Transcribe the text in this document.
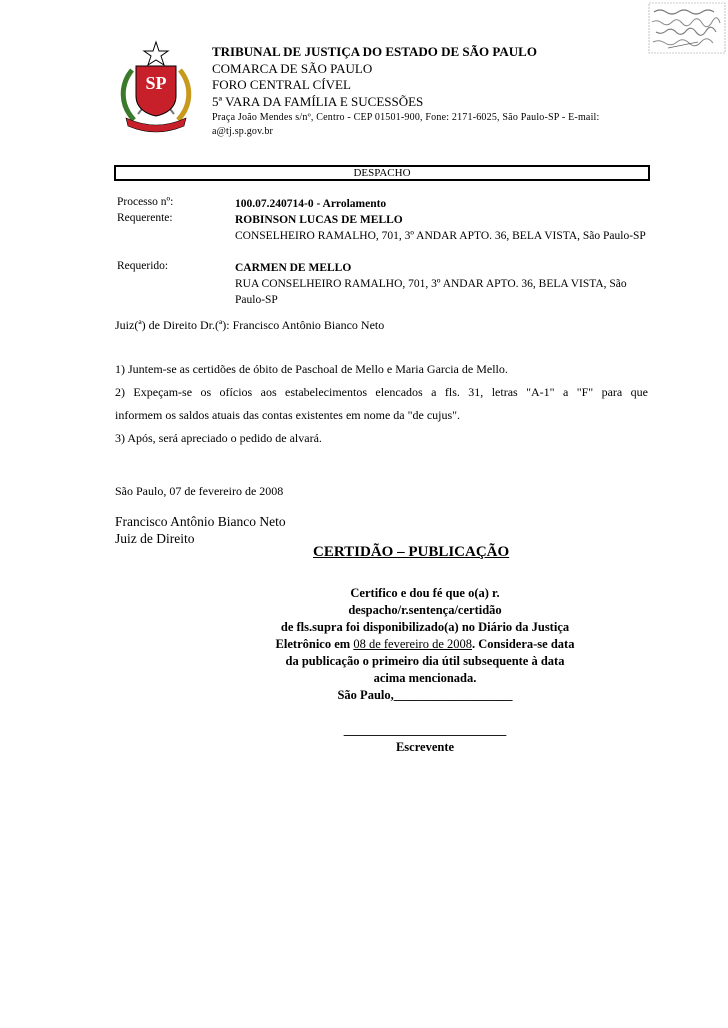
SP
TRIBUNAL DE JUSTIÇA DO ESTADO DE SÃO PAULO
COMARCA DE SÃO PAULO
FORO CENTRAL CÍVEL
5ª VARA DA FAMÍLIA E SUCESSÕES
Praça João Mendes s/nº, Centro - CEP 01501-900, Fone: 2171-6025, São Paulo-SP - E-mail:
a@tj.sp.gov.br
DESPACHO
Processo nº:	100.07.240714-0 - Arrolamento
Requerente:	ROBINSON LUCAS DE MELLO
CONSELHEIRO RAMALHO, 701, 3º ANDAR APTO. 36, BELA VISTA, São Paulo-SP
Requerido:	CARMEN DE MELLO
RUA CONSELHEIRO RAMALHO, 701, 3º ANDAR APTO. 36, BELA VISTA, São Paulo-SP
Juiz(ª) de Direito Dr.(ª): Francisco Antônio Bianco Neto
1) Juntem-se as certidões de óbito de Paschoal de Mello e Maria Garcia de Mello.
2) Expeçam-se os ofícios aos estabelecimentos elencados a fls. 31, letras "A-1" a "F" para que
informem os saldos atuais das contas existentes em nome da "de cujus".
3) Após, será apreciado o pedido de alvará.
São Paulo, 07 de fevereiro de 2008
Francisco Antônio Bianco Neto
Juiz de Direito
CERTIDÃO – PUBLICAÇÃO
Certifico e dou fé que o(a) r.
despacho/r.sentença/certidão
de fls.supra foi disponibilizado(a) no Diário da Justiça
Eletrônico em 08 de fevereiro de 2008. Considera-se data
da publicação o primeiro dia útil subsequente à data
acima mencionada.
São Paulo,___________________
__________________________
Escrevente
